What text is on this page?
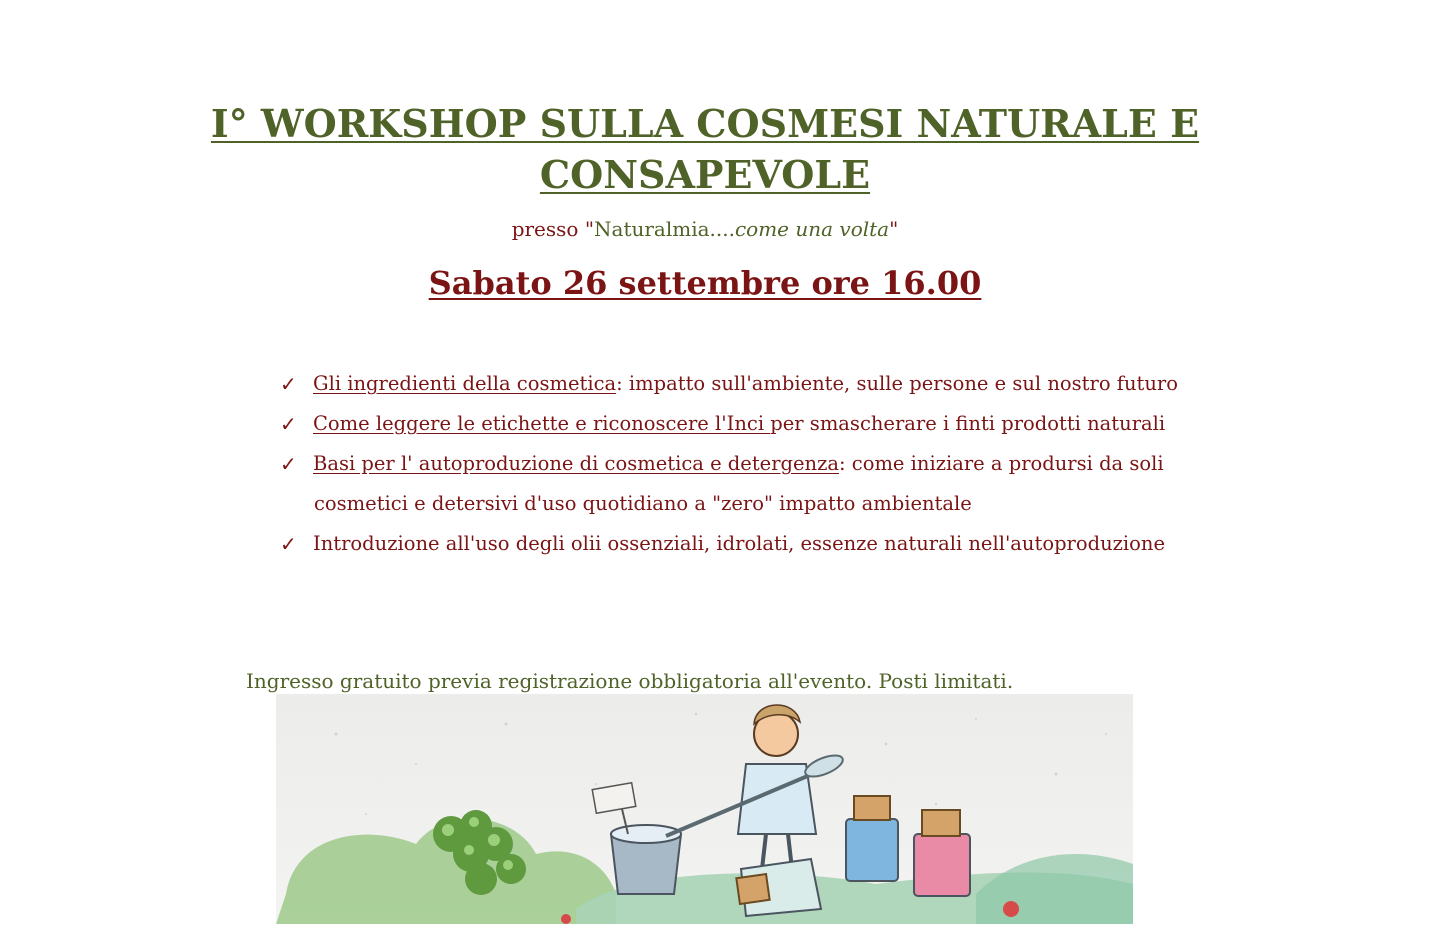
I° WORKSHOP SULLA COSMESI NATURALE E
CONSAPEVOLE
presso "Naturalmia....come una volta"
Sabato 26 settembre ore 16.00
✓ Gli ingredienti della cosmetica: impatto sull'ambiente, sulle persone e sul nostro futuro
✓ Come leggere le etichette e riconoscere l'Inci per smascherare i finti prodotti naturali
✓ Basi per l' autoproduzione di cosmetica e detergenza: come iniziare a prodursi da soli
cosmetici e detersivi d'uso quotidiano a "zero" impatto ambientale
✓ Introduzione all'uso degli olii ossenziali, idrolati, essenze naturali nell'autoproduzione
Ingresso gratuito previa registrazione obbligatoria all'evento. Posti limitati.
